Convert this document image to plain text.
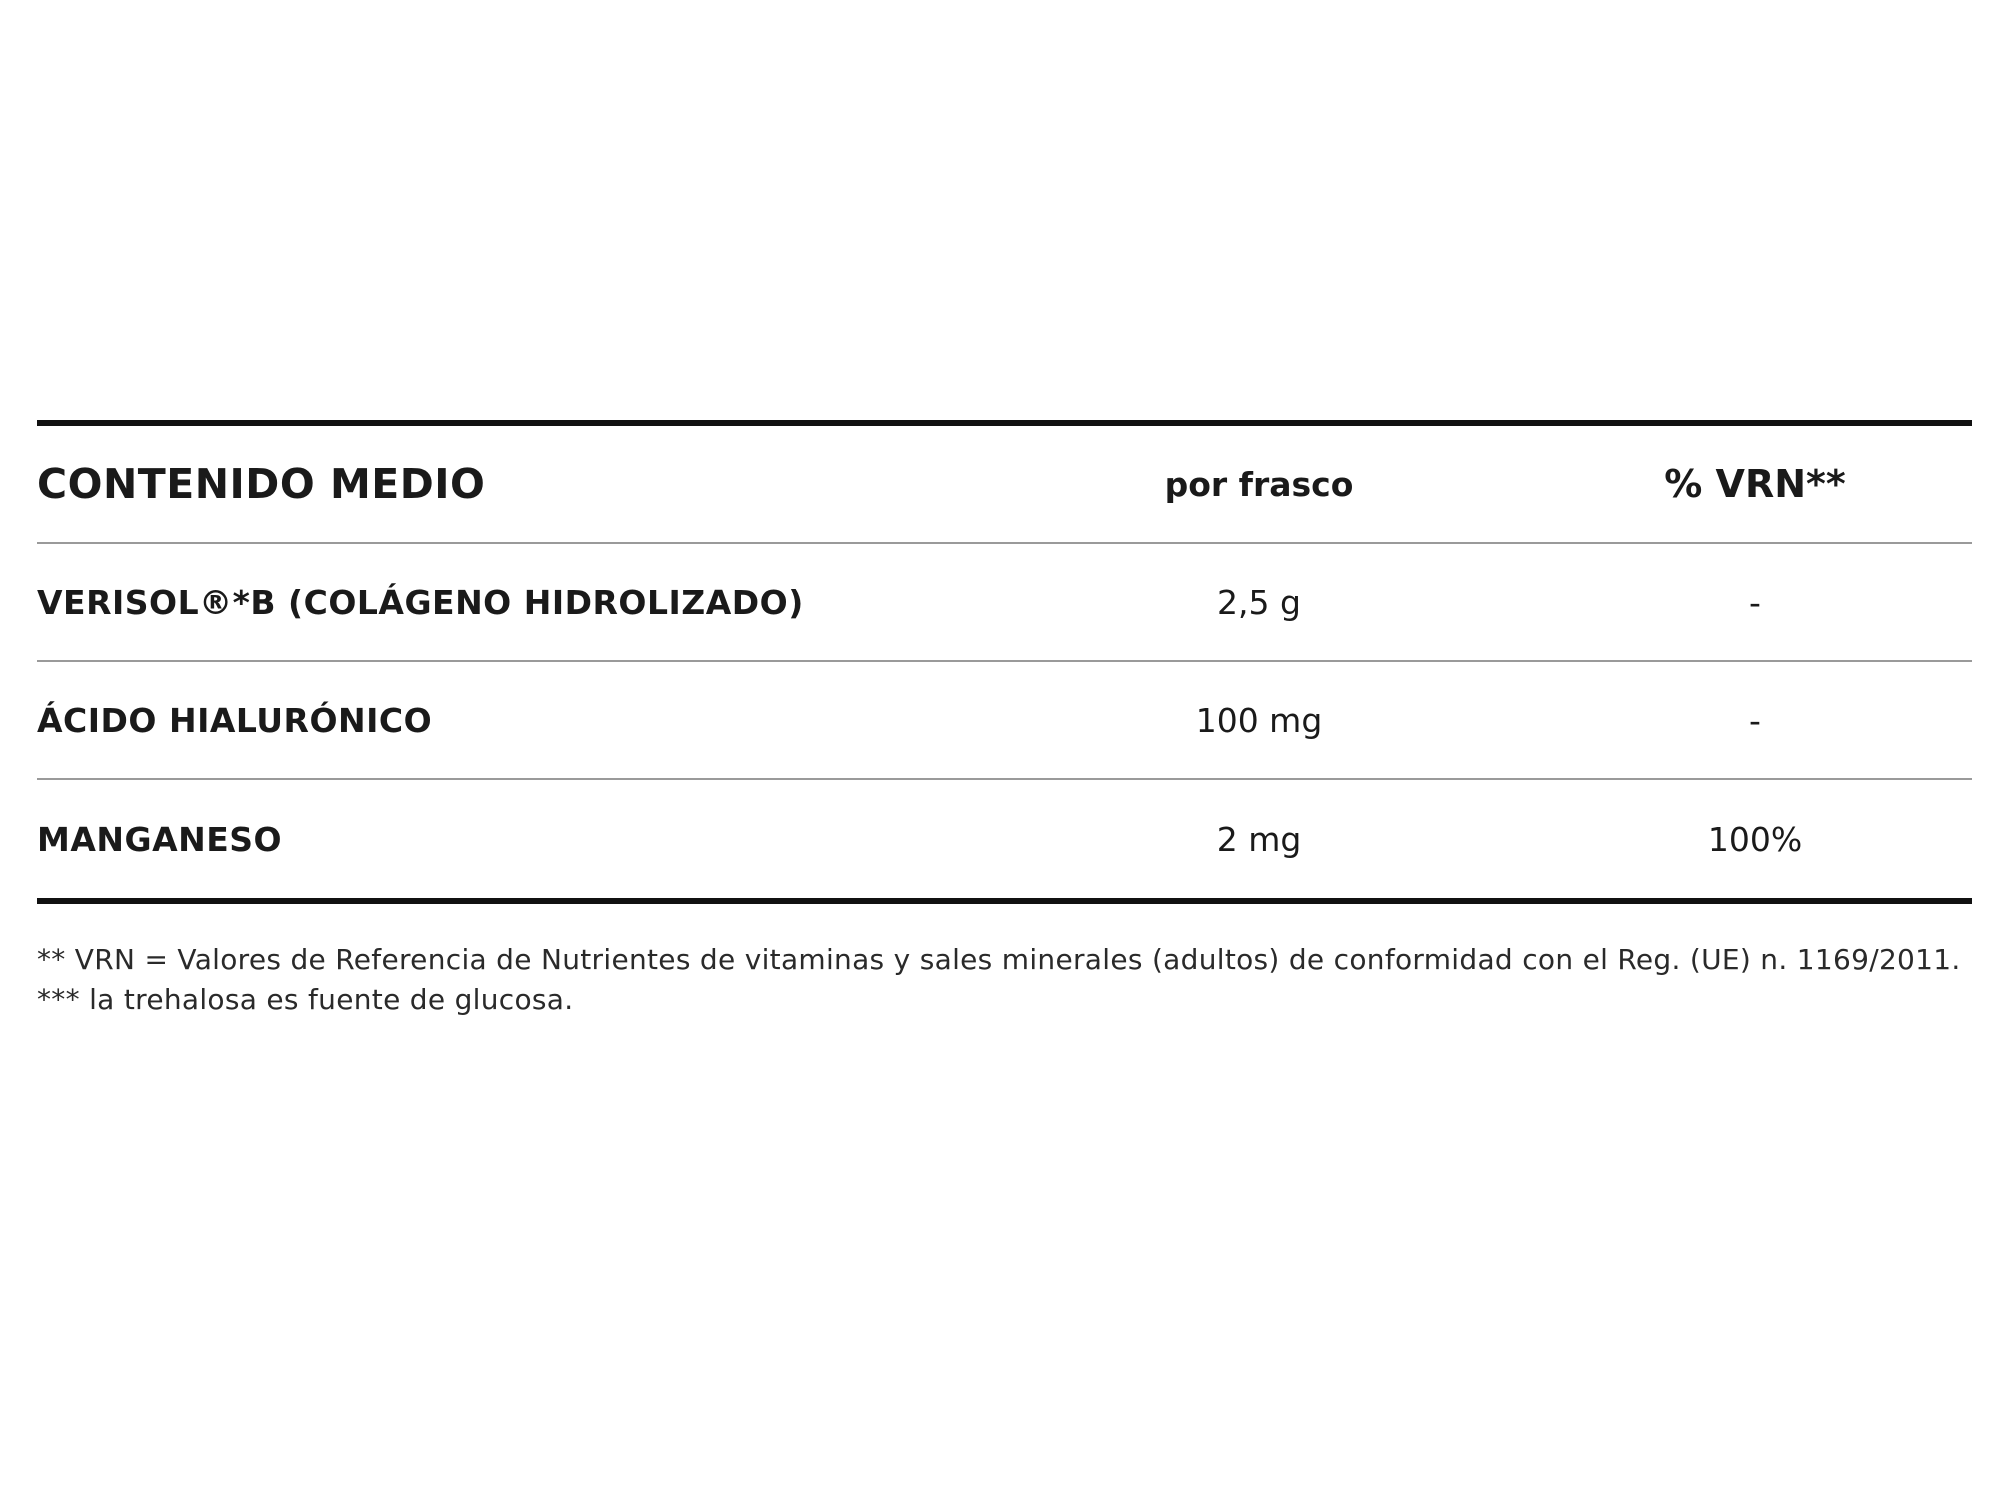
CONTENIDO MEDIO	por frasco	% VRN**
VERISOL®*B (COLÁGENO HIDROLIZADO)	2,5 g	-
ÁCIDO HIALURÓNICO	100 mg	-
MANGANESO	2 mg	100%

** VRN = Valores de Referencia de Nutrientes de vitaminas y sales minerales (adultos) de conformidad con el Reg. (UE) n. 1169/2011.

*** la trehalosa es fuente de glucosa.
